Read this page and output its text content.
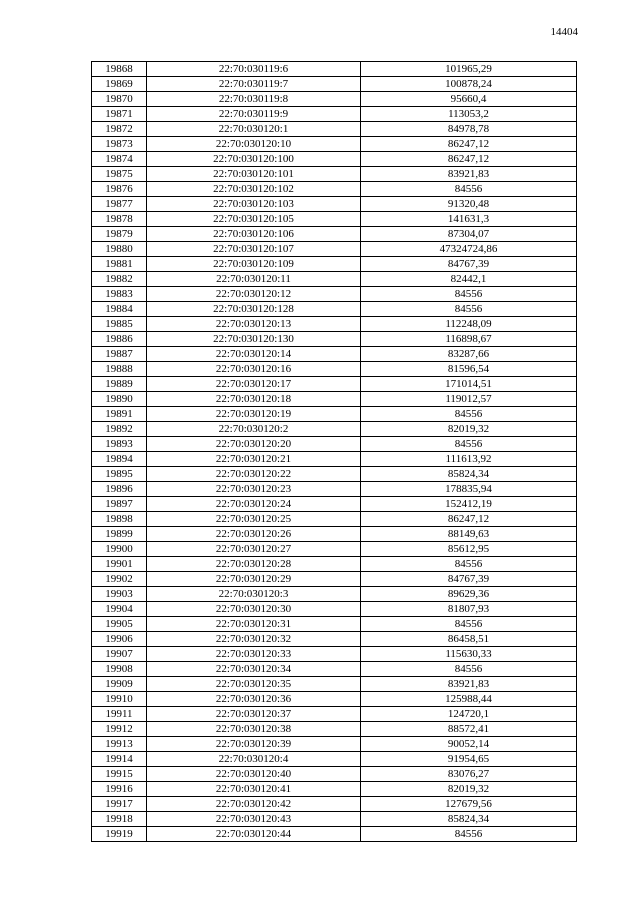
14404
19868	22:70:030119:6	101965,29
19869	22:70:030119:7	100878,24
19870	22:70:030119:8	95660,4
19871	22:70:030119:9	113053,2
19872	22:70:030120:1	84978,78
19873	22:70:030120:10	86247,12
19874	22:70:030120:100	86247,12
19875	22:70:030120:101	83921,83
19876	22:70:030120:102	84556
19877	22:70:030120:103	91320,48
19878	22:70:030120:105	141631,3
19879	22:70:030120:106	87304,07
19880	22:70:030120:107	47324724,86
19881	22:70:030120:109	84767,39
19882	22:70:030120:11	82442,1
19883	22:70:030120:12	84556
19884	22:70:030120:128	84556
19885	22:70:030120:13	112248,09
19886	22:70:030120:130	116898,67
19887	22:70:030120:14	83287,66
19888	22:70:030120:16	81596,54
19889	22:70:030120:17	171014,51
19890	22:70:030120:18	119012,57
19891	22:70:030120:19	84556
19892	22:70:030120:2	82019,32
19893	22:70:030120:20	84556
19894	22:70:030120:21	111613,92
19895	22:70:030120:22	85824,34
19896	22:70:030120:23	178835,94
19897	22:70:030120:24	152412,19
19898	22:70:030120:25	86247,12
19899	22:70:030120:26	88149,63
19900	22:70:030120:27	85612,95
19901	22:70:030120:28	84556
19902	22:70:030120:29	84767,39
19903	22:70:030120:3	89629,36
19904	22:70:030120:30	81807,93
19905	22:70:030120:31	84556
19906	22:70:030120:32	86458,51
19907	22:70:030120:33	115630,33
19908	22:70:030120:34	84556
19909	22:70:030120:35	83921,83
19910	22:70:030120:36	125988,44
19911	22:70:030120:37	124720,1
19912	22:70:030120:38	88572,41
19913	22:70:030120:39	90052,14
19914	22:70:030120:4	91954,65
19915	22:70:030120:40	83076,27
19916	22:70:030120:41	82019,32
19917	22:70:030120:42	127679,56
19918	22:70:030120:43	85824,34
19919	22:70:030120:44	84556
